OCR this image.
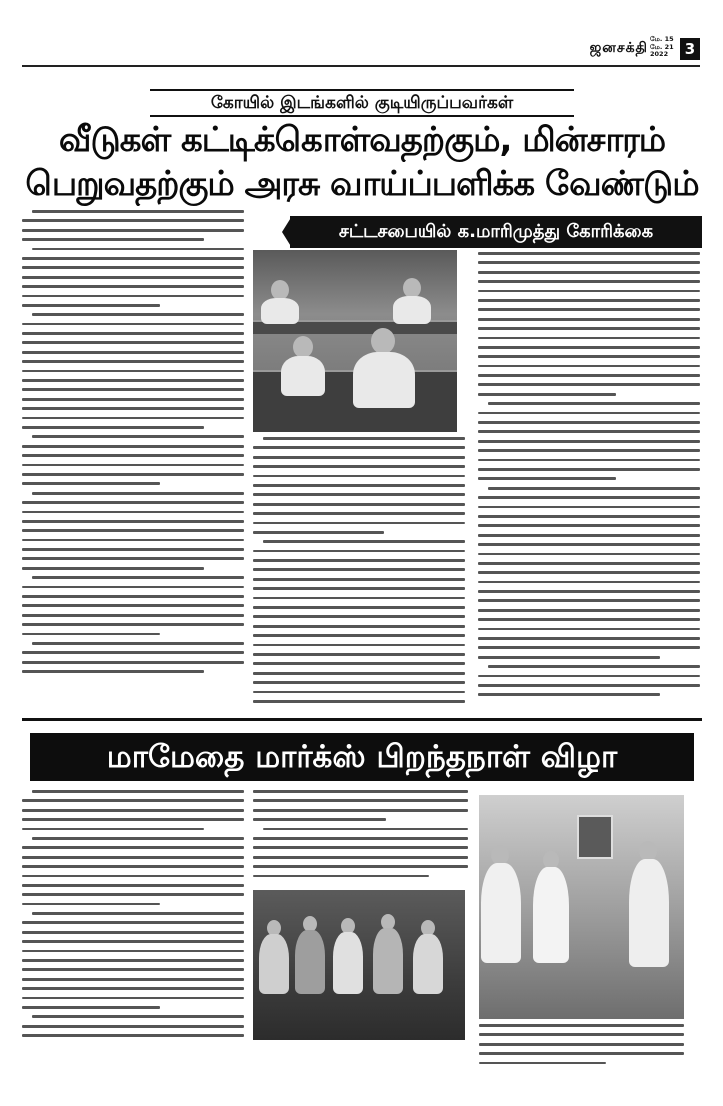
ஜனசக்தி
மே. 15
மே. 21
2022	3
கோயில் இடங்களில் குடியிருப்பவர்கள்
வீடுகள் கட்டிக்கொள்வதற்கும், மின்சாரம்
பெறுவதற்கும் அரசு வாய்ப்பளிக்க வேண்டும்
சட்டசபையில் க.மாரிமுத்து கோரிக்கை
மாமேதை மார்க்ஸ் பிறந்தநாள் விழா
